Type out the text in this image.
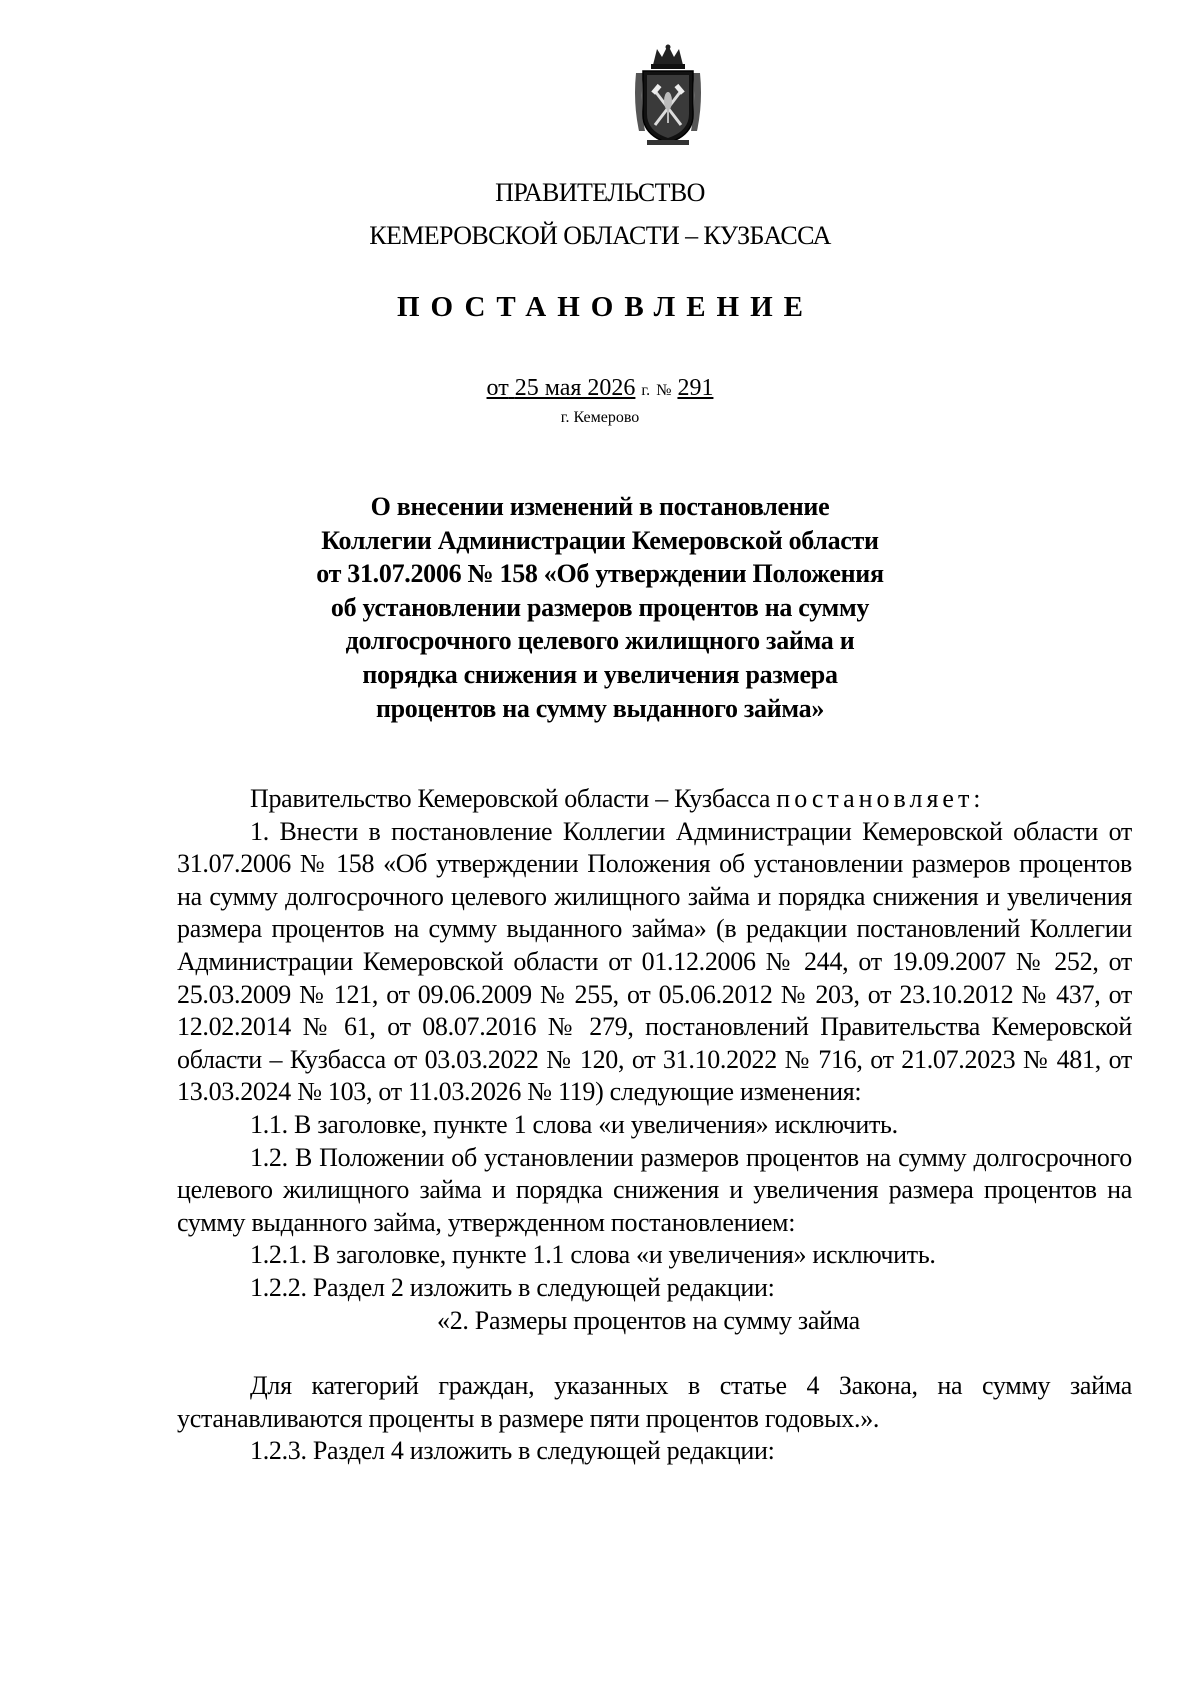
ПРАВИТЕЛЬСТВО
КЕМЕРОВСКОЙ ОБЛАСТИ – КУЗБАССА
ПОСТАНОВЛЕНИЕ
от 25 мая 2026 г. № 291
г. Кемерово
О внесении изменений в постановление
Коллегии Администрации Кемеровской области
от 31.07.2006 № 158 «Об утверждении Положения
об установлении размеров процентов на сумму
долгосрочного целевого жилищного займа и
порядка снижения и увеличения размера
процентов на сумму выданного займа»

Правительство Кемеровской области – Кузбасса постановляет:

1. Внести в постановление Коллегии Администрации Кемеровской области от 31.07.2006 № 158 «Об утверждении Положения об установлении размеров процентов на сумму долгосрочного целевого жилищного займа и порядка снижения и увеличения размера процентов на сумму выданного займа» (в редакции постановлений Коллегии Администрации Кемеровской области от 01.12.2006 № 244, от 19.09.2007 № 252, от 25.03.2009 № 121, от 09.06.2009 № 255, от 05.06.2012 № 203, от 23.10.2012 № 437, от 12.02.2014 № 61, от 08.07.2016 № 279, постановлений Правительства Кемеровской области – Кузбасса от 03.03.2022 № 120, от 31.10.2022 № 716, от 21.07.2023 № 481, от 13.03.2024 № 103, от 11.03.2026 № 119) следующие изменения:

1.1. В заголовке, пункте 1 слова «и увеличения» исключить.

1.2. В Положении об установлении размеров процентов на сумму долгосрочного целевого жилищного займа и порядка снижения и увеличения размера процентов на сумму выданного займа, утвержденном постановлением:

1.2.1. В заголовке, пункте 1.1 слова «и увеличения» исключить.

1.2.2. Раздел 2 изложить в следующей редакции:

«2. Размеры процентов на сумму займа

Для категорий граждан, указанных в статье 4 Закона, на сумму займа устанавливаются проценты в размере пяти процентов годовых.».

1.2.3. Раздел 4 изложить в следующей редакции:
